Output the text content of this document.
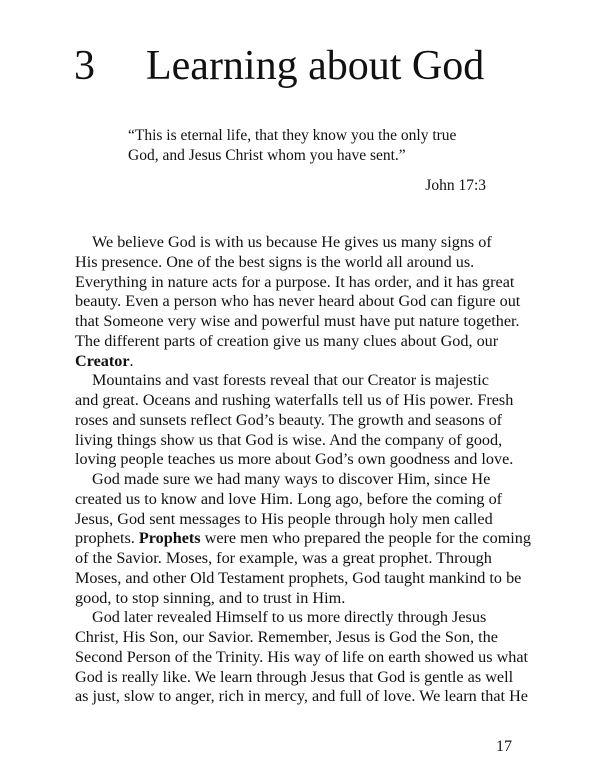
3 Learning about God
“This is eternal life, that they know you the only true
God, and Jesus Christ whom you have sent.”
John 17:3
We believe God is with us because He gives us many signs of
His presence. One of the best signs is the world all around us.
Everything in nature acts for a purpose. It has order, and it has great
beauty. Even a person who has never heard about God can figure out
that Someone very wise and powerful must have put nature together.
The different parts of creation give us many clues about God, our
Creator.
Mountains and vast forests reveal that our Creator is majestic
and great. Oceans and rushing waterfalls tell us of His power. Fresh
roses and sunsets reflect God’s beauty. The growth and seasons of
living things show us that God is wise. And the company of good,
loving people teaches us more about God’s own goodness and love.
God made sure we had many ways to discover Him, since He
created us to know and love Him. Long ago, before the coming of
Jesus, God sent messages to His people through holy men called
prophets. Prophets were men who prepared the people for the coming
of the Savior. Moses, for example, was a great prophet. Through
Moses, and other Old Testament prophets, God taught mankind to be
good, to stop sinning, and to trust in Him.
God later revealed Himself to us more directly through Jesus
Christ, His Son, our Savior. Remember, Jesus is God the Son, the
Second Person of the Trinity. His way of life on earth showed us what
God is really like. We learn through Jesus that God is gentle as well
as just, slow to anger, rich in mercy, and full of love. We learn that He
17
